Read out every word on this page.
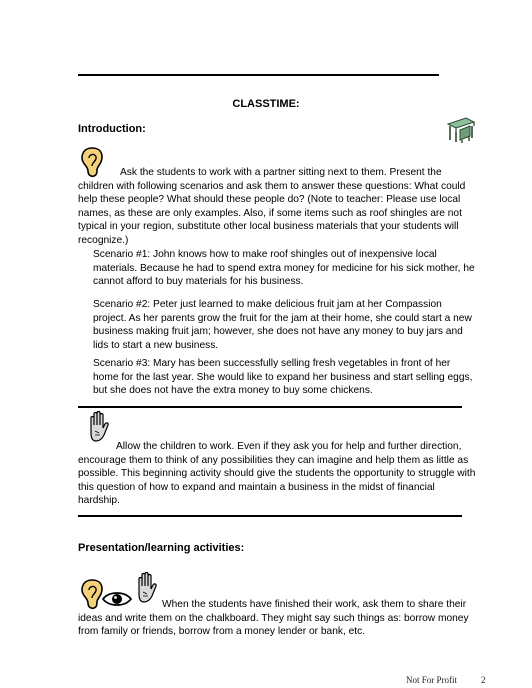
CLASSTIME:
Introduction:

Ask the students to work with a partner sitting next to them. Present the children with following scenarios and ask them to answer these questions: What could help these people? What should these people do? (Note to teacher: Please use local names, as these are only examples. Also, if some items such as roof shingles are not typical in your region, substitute other local business materials that your students will recognize.)

Scenario #1: John knows how to make roof shingles out of inexpensive local materials. Because he had to spend extra money for medicine for his sick mother, he cannot afford to buy materials for his business.

Scenario #2: Peter just learned to make delicious fruit jam at her Compassion project. As her parents grow the fruit for the jam at their home, she could start a new business making fruit jam; however, she does not have any money to buy jars and lids to start a new business.

Scenario #3: Mary has been successfully selling fresh vegetables in front of her home for the last year. She would like to expand her business and start selling eggs, but she does not have the extra money to buy some chickens.

Allow the children to work. Even if they ask you for help and further direction, encourage them to think of any possibilities they can imagine and help them as little as possible. This beginning activity should give the students the opportunity to struggle with this question of how to expand and maintain a business in the midst of financial hardship.

Presentation/learning activities:

When the students have finished their work, ask them to share their ideas and write them on the chalkboard. They might say such things as: borrow money from family or friends, borrow from a money lender or bank, etc.

Not For Profit	2
